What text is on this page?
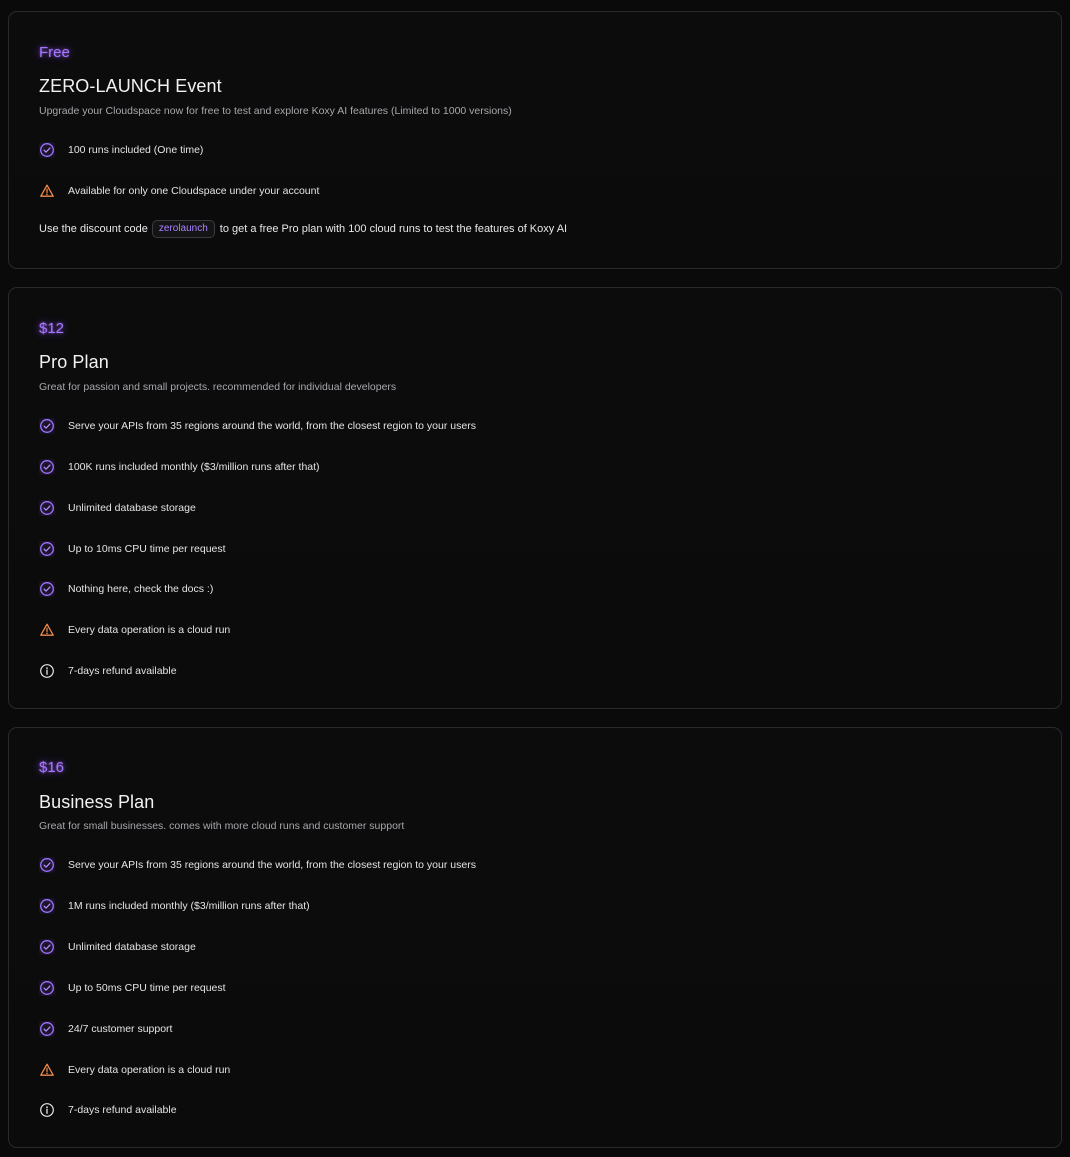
Free
ZERO-LAUNCH Event
Upgrade your Cloudspace now for free to test and explore Koxy AI features (Limited to 1000 versions)
100 runs included (One time)
Available for only one Cloudspace under your account
Use the discount code	zerolaunch	to get a free Pro plan with 100 cloud runs to test the features of Koxy AI
$12
Pro Plan
Great for passion and small projects. recommended for individual developers
Serve your APIs from 35 regions around the world, from the closest region to your users
100K runs included monthly ($3/million runs after that)
Unlimited database storage
Up to 10ms CPU time per request
Nothing here, check the docs :)
Every data operation is a cloud run
7-days refund available
$16
Business Plan
Great for small businesses. comes with more cloud runs and customer support
Serve your APIs from 35 regions around the world, from the closest region to your users
1M runs included monthly ($3/million runs after that)
Unlimited database storage
Up to 50ms CPU time per request
24/7 customer support
Every data operation is a cloud run
7-days refund available
